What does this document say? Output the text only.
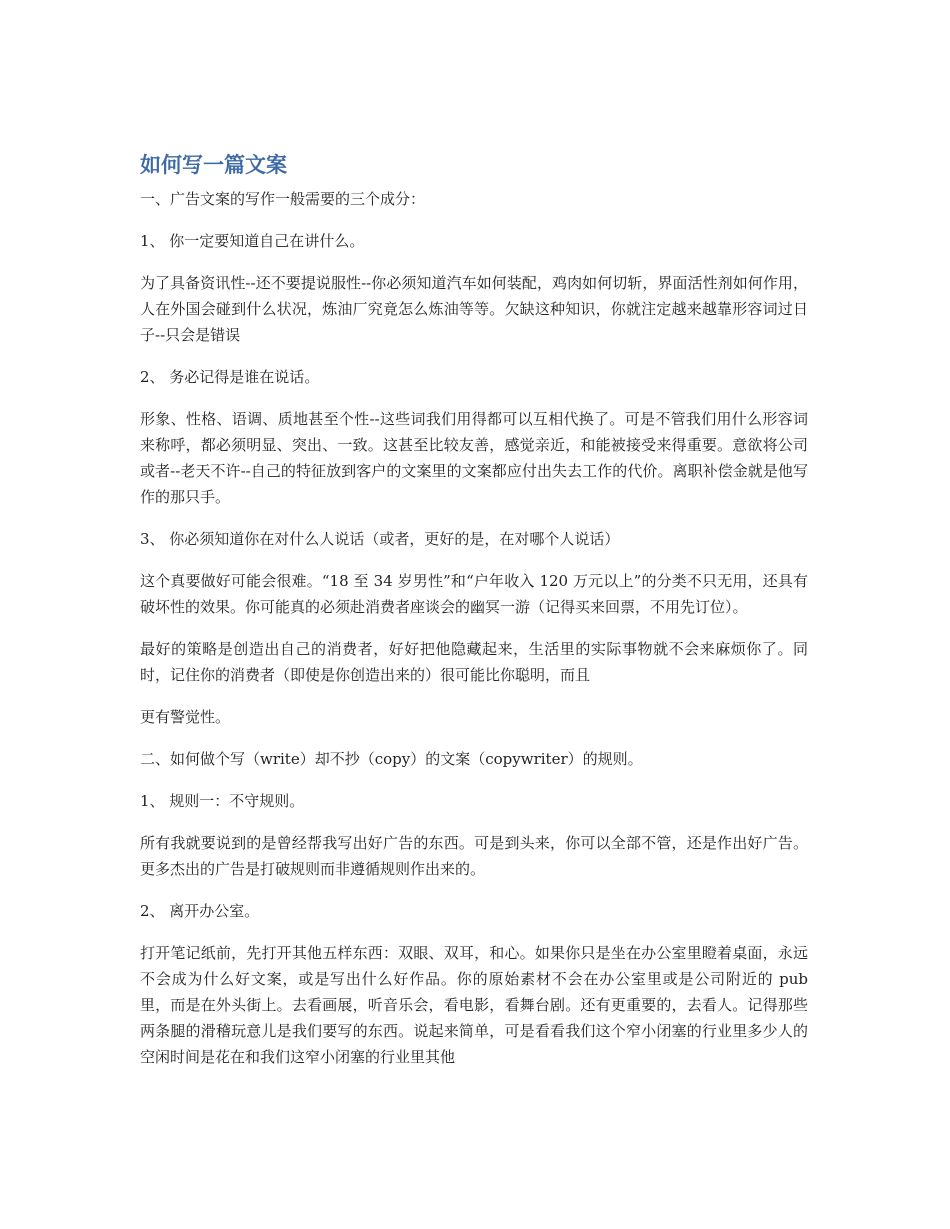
如何写一篇文案

一、广告文案的写作一般需要的三个成分：

1、 你一定要知道自己在讲什么。

为了具备资讯性--还不要提说服性--你必须知道汽车如何装配，鸡肉如何切斩，界面活性剂如何作用，人在外国会碰到什么状况，炼油厂究竟怎么炼油等等。欠缺这种知识，你就注定越来越靠形容词过日子--只会是错误

2、 务必记得是谁在说话。

形象、性格、语调、质地甚至个性--这些词我们用得都可以互相代换了。可是不管我们用什么形容词来称呼，都必须明显、突出、一致。这甚至比较友善，感觉亲近，和能被接受来得重要。意欲将公司或者--老天不许--自己的特征放到客户的文案里的文案都应付出失去工作的代价。离职补偿金就是他写作的那只手。

3、 你必须知道你在对什么人说话（或者，更好的是，在对哪个人说话）

这个真要做好可能会很难。“18 至 34 岁男性”和“户年收入 120 万元以上”的分类不只无用，还具有破坏性的效果。你可能真的必须赴消费者座谈会的幽冥一游（记得买来回票，不用先订位）。

最好的策略是创造出自己的消费者，好好把他隐藏起来，生活里的实际事物就不会来麻烦你了。同时，记住你的消费者（即使是你创造出来的）很可能比你聪明，而且

更有警觉性。

二、如何做个写（write）却不抄（copy）的文案（copywriter）的规则。

1、 规则一：不守规则。

所有我就要说到的是曾经帮我写出好广告的东西。可是到头来，你可以全部不管，还是作出好广告。更多杰出的广告是打破规则而非遵循规则作出来的。

2、 离开办公室。

打开笔记纸前，先打开其他五样东西：双眼、双耳，和心。如果你只是坐在办公室里瞪着桌面，永远不会成为什么好文案，或是写出什么好作品。你的原始素材不会在办公室里或是公司附近的 pub 里，而是在外头街上。去看画展，听音乐会，看电影，看舞台剧。还有更重要的，去看人。记得那些两条腿的滑稽玩意儿是我们要写的东西。说起来简单，可是看看我们这个窄小闭塞的行业里多少人的空闲时间是花在和我们这窄小闭塞的行业里其他
